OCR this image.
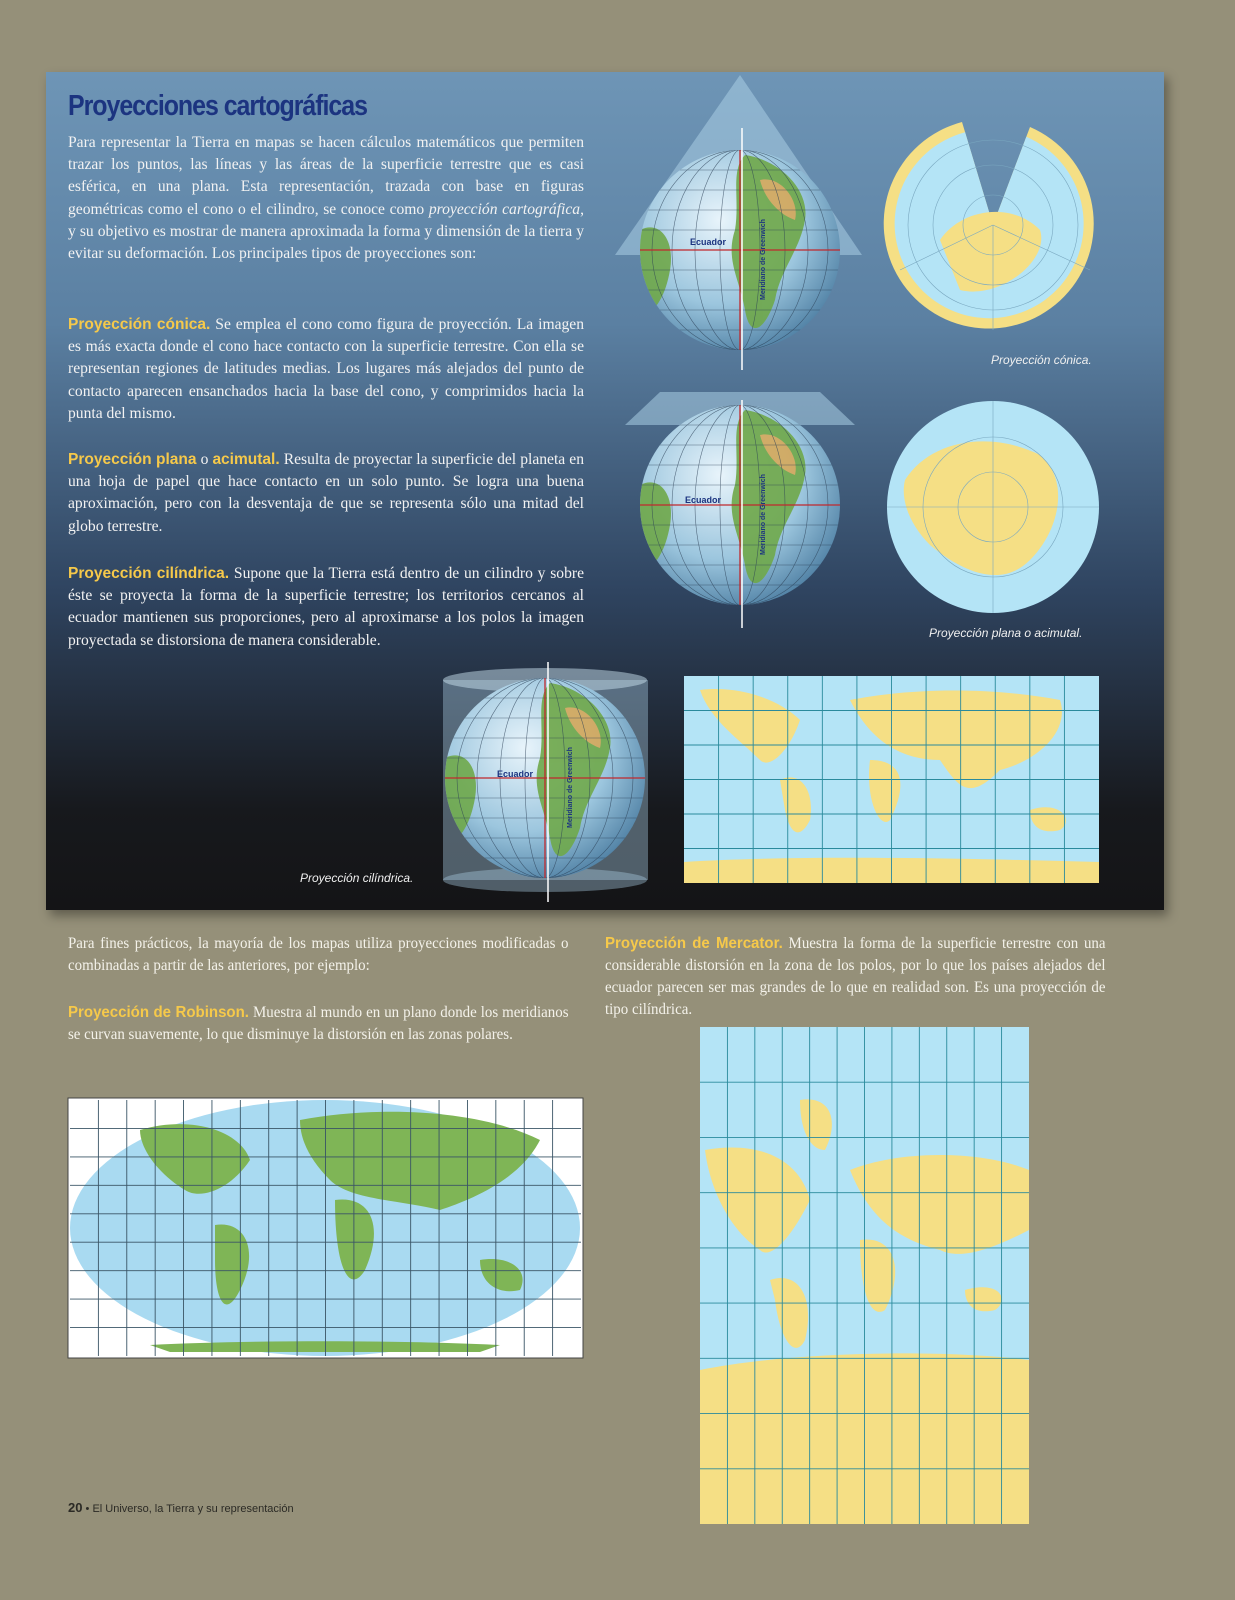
Proyecciones cartográficas

Para representar la Tierra en mapas se hacen cálculos matemáticos que permiten trazar los puntos, las líneas y las áreas de la superficie terrestre que es casi esférica, en una plana. Esta representación, trazada con base en figuras geométricas como el cono o el cilindro, se conoce como proyección cartográfica, y su objetivo es mostrar de manera aproximada la forma y dimensión de la tierra y evitar su deformación. Los principales tipos de proyecciones son:

Proyección cónica. Se emplea el cono como figura de proyección. La imagen es más exacta donde el cono hace contacto con la superficie terrestre. Con ella se representan regiones de latitudes medias. Los lugares más alejados del punto de contacto aparecen ensanchados hacia la base del cono, y comprimidos hacia la punta del mismo.

Proyección plana o acimutal. Resulta de proyectar la superficie del planeta en una hoja de papel que hace contacto en un solo punto. Se logra una buena aproximación, pero con la desventaja de que se representa sólo una mitad del globo terrestre.

Proyección cilíndrica. Supone que la Tierra está dentro de un cilindro y sobre éste se proyecta la forma de la superficie terrestre; los territorios cercanos al ecuador mantienen sus proporciones, pero al aproximarse a los polos la imagen proyectada se distorsiona de manera considerable.

Ecuador	Meridiano de Greenwich
Ecuador	Meridiano de Greenwich
Ecuador	Meridiano de Greenwich
Proyección cónica.
Proyección plana o acimutal.
Proyección cilíndrica.

Para fines prácticos, la mayoría de los mapas utiliza proyecciones modificadas o combinadas a partir de las anteriores, por ejemplo:

Proyección de Robinson. Muestra al mundo en un plano donde los meridianos se curvan suavemente, lo que disminuye la distorsión en las zonas polares.

Proyección de Mercator. Muestra la forma de la superficie terrestre con una considerable distorsión en la zona de los polos, por lo que los países alejados del ecuador parecen ser mas grandes de lo que en realidad son. Es una proyección de tipo cilíndrica.

20 • El Universo, la Tierra y su representación
